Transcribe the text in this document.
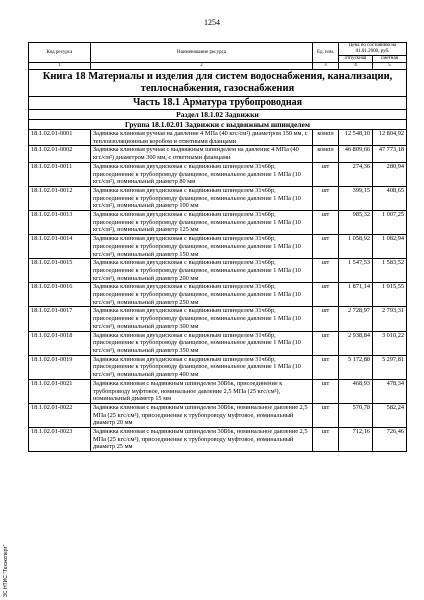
1254
Код ресурса	Наименование ресурса	Ед. изм.	Цена по состоянию на 01.01.2000, руб.	
			отпускная	сметная
1	2	3	4	5
Книга 18 Материалы и изделия для систем водоснабжения, канализации, теплоснабжения, газоснабжения				
Часть 18.1 Арматура трубопроводная				
Раздел 18.1.02 Задвижки				
Группа 18.1.02.01 Задвижки с выдвижным шпинделем				
18.1.02.01-0001	Задвижка клиновая ручная на давление 4 МПа (40 кгс/см²) диаметром 150 мм, с теплоизоляционным коробом и ответными фланцами	компл	12 548,10	12 804,92
18.1.02.01-0002	Задвижка клиновая ручная с выдвижным шпинделем на давление 4 МПа (40 кгс/см²) диаметром 300 мм, с ответными фланцами	компл	46 809,66	47 773,18
18.1.02.01-0011	Задвижка клиновая двухдисковая с выдвижным шпинделем 31ч6бр, присоединение к трубопроводу фланцевое, номинальное давление 1 МПа (10 кгс/см²), номинальный диаметр 80 мм	шт	274,36	280,94
18.1.02.01-0012	Задвижка клиновая двухдисковая с выдвижным шпинделем 31ч6бр, присоединение к трубопроводу фланцевое, номинальное давление 1 МПа (10 кгс/см²), номинальный диаметр 100 мм	шт	399,15	408,65
18.1.02.01-0013	Задвижка клиновая двухдисковая с выдвижным шпинделем 31ч6бр, присоединение к трубопроводу фланцевое, номинальное давление 1 МПа (10 кгс/см²), номинальный диаметр 125 мм	шт	985,32	1 007,25
18.1.02.01-0014	Задвижка клиновая двухдисковая с выдвижным шпинделем 31ч6бр, присоединение к трубопроводу фланцевое, номинальное давление 1 МПа (10 кгс/см²), номинальный диаметр 150 мм	шт	1 058,92	1 082,94
18.1.02.01-0015	Задвижка клиновая двухдисковая с выдвижным шпинделем 31ч6бр, присоединение к трубопроводу фланцевое, номинальное давление 1 МПа (10 кгс/см²), номинальный диаметр 200 мм	шт	1 547,53	1 583,52
18.1.02.01-0016	Задвижка клиновая двухдисковая с выдвижным шпинделем 31ч6бр, присоединение к трубопроводу фланцевое, номинальное давление 1 МПа (10 кгс/см²), номинальный диаметр 250 мм	шт	1 871,14	1 915,55
18.1.02.01-0017	Задвижка клиновая двухдисковая с выдвижным шпинделем 31ч6бр, присоединение к трубопроводу фланцевое, номинальное давление 1 МПа (10 кгс/см²), номинальный диаметр 300 мм	шт	2 728,97	2 793,31
18.1.02.01-0018	Задвижка клиновая двухдисковая с выдвижным шпинделем 31ч6бр, присоединение к трубопроводу фланцевое, номинальное давление 1 МПа (10 кгс/см²), номинальный диаметр 350 мм	шт	2 938,84	3 010,22
18.1.02.01-0019	Задвижка клиновая двухдисковая с выдвижным шпинделем 31ч6бр, присоединение к трубопроводу фланцевое, номинальное давление 1 МПа (10 кгс/см²), номинальный диаметр 400 мм	шт	5 172,88	5 297,81
18.1.02.01-0021	Задвижка клиновая с выдвижным шпинделем 30Б6к, присоединение к трубопроводу муфтовое, номинальное давление 2,5 МПа (25 кгс/см²), номинальный диаметр 15 мм	шт	468,93	478,34
18.1.02.01-0022	Задвижка клиновая с выдвижным шпинделем 30Б6к, номинальное давление 2,5 МПа (25 кгс/см²), присоединение к трубопроводу муфтовое, номинальный диаметр 20 мм	шт	570,78	582,24
18.1.02.01-0023	Задвижка клиновая с выдвижным шпинделем 30Б6к, номинальное давление 2,5 МПа (25 кгс/см²), присоединение к трубопроводу муфтовое, номинальный диаметр 25 мм	шт	712,16	726,46
ЗС НТИС "Техэксперт"
